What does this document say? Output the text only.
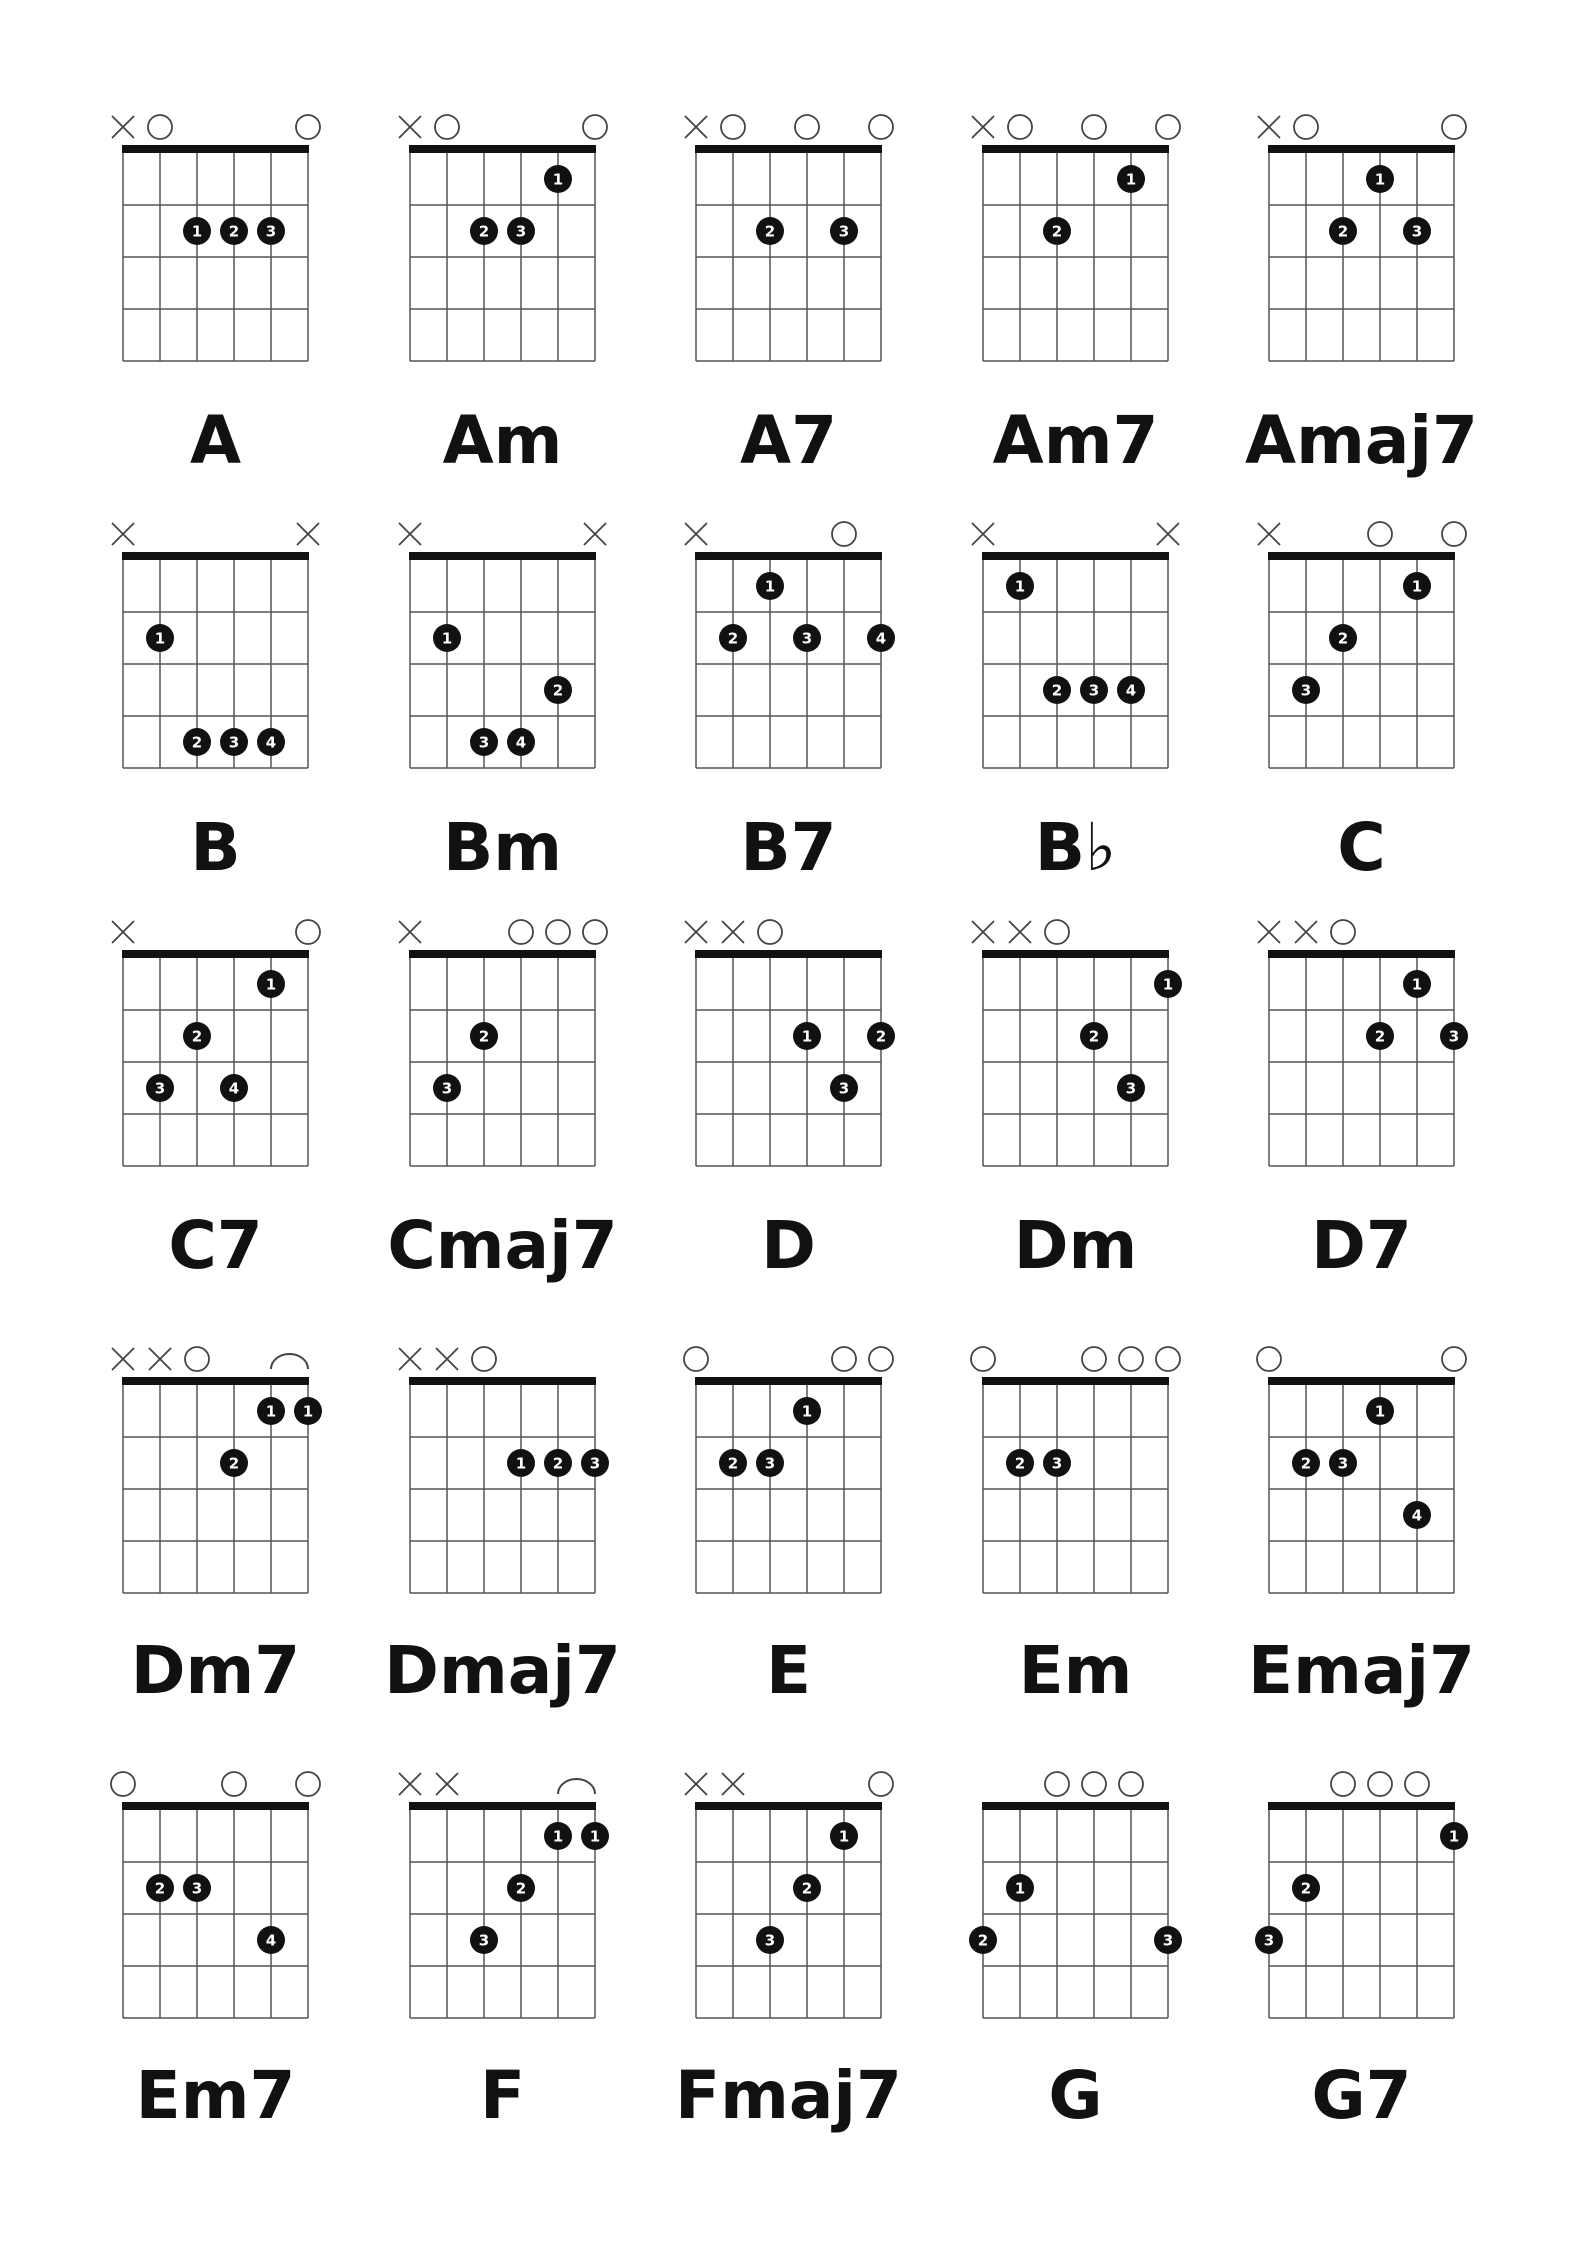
1 2 3
A
2 3
1
Am
2	3
A7
2
1
Am7
2
1
3
Amaj7
1
2 3 4
B
1
3 4
2
Bm
2
1
3	4
B7
1
2 3 4
B♭
3
2
1
C
3
2
4
1
C7
3
2
Cmaj7
1
3
2
D
2
3
1
Dm
2
1
3
D7
2
1 1
Dm7
1 2 3
Dmaj7
2 3
1
E
2 3
Em
2 3
1
4
Emaj7
2 3
4
Em7
3
2
1 1
F
3
2
1
Fmaj7
2
1
3
G
3
2
1
G7
